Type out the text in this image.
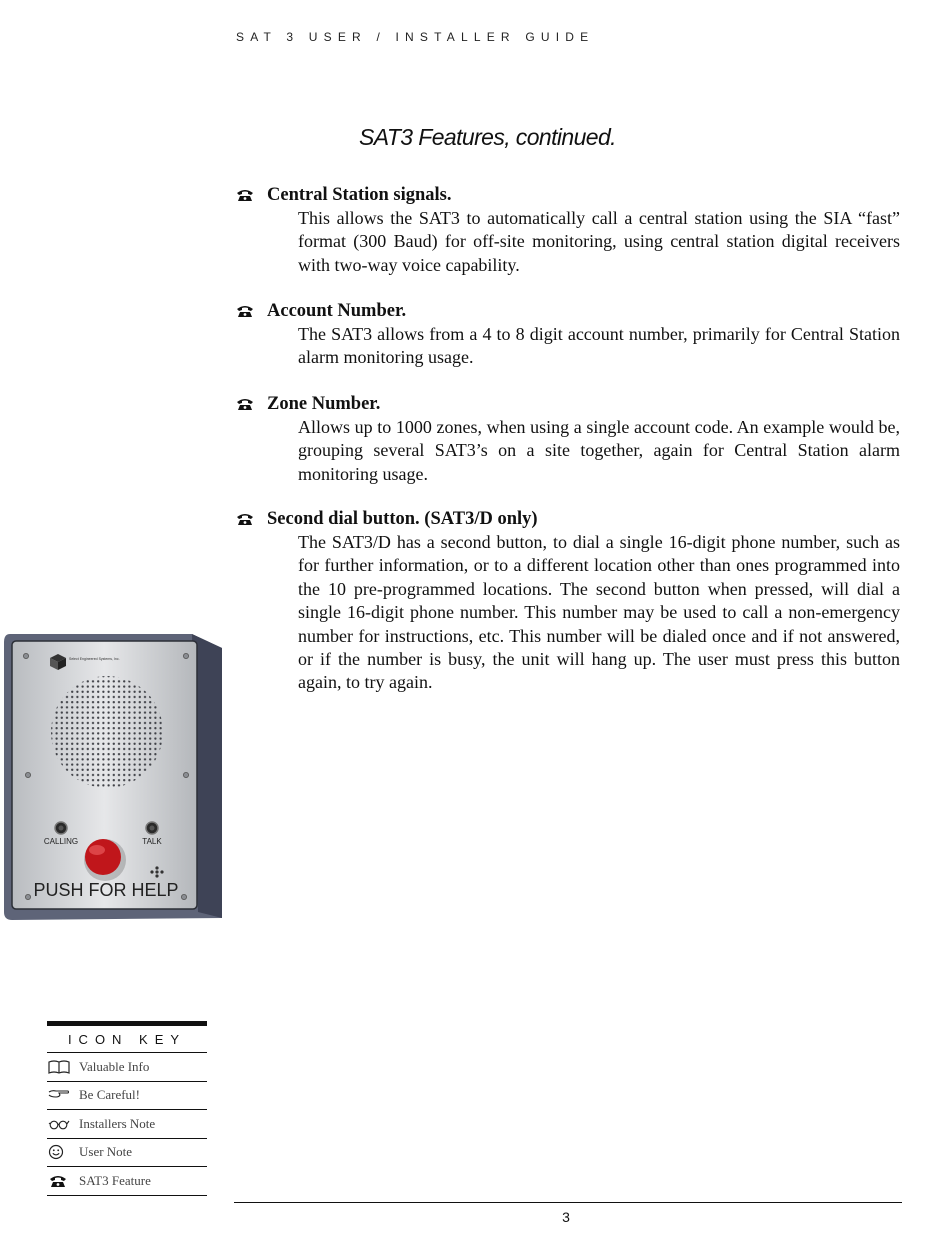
SAT 3 USER / INSTALLER GUIDE
SAT3 Features, continued.
Central Station signals.
This allows the SAT3 to automatically call a central station using the SIA “fast” format (300 Baud) for off-site monitoring, using central station digital receivers with two-way voice capability.
Account Number.
The SAT3 allows from a 4 to 8 digit account number, primarily for Central Station alarm monitoring usage.
Zone Number.
Allows up to 1000 zones, when using a single account code. An example would be, grouping several SAT3’s on a site together, again for Central Station alarm monitoring usage.
Second dial button. (SAT3/D only)
The SAT3/D has a second button, to dial a single 16-digit phone number, such as for further information, or to a different location other than ones programmed into the 10 pre-programmed locations. The second button when pressed, will dial a single 16-digit phone number. This number may be used to call a non-emergency number for instructions, etc. This number will be dialed once and if not answered, or if the number is busy, the unit will hang up. The user must press this button again, to try again.
Select Engineered Systems, Inc.
CALLING	TALK
PUSH FOR HELP
ICON KEY
Valuable Info
Be Careful!
Installers Note
User Note
SAT3 Feature
3
